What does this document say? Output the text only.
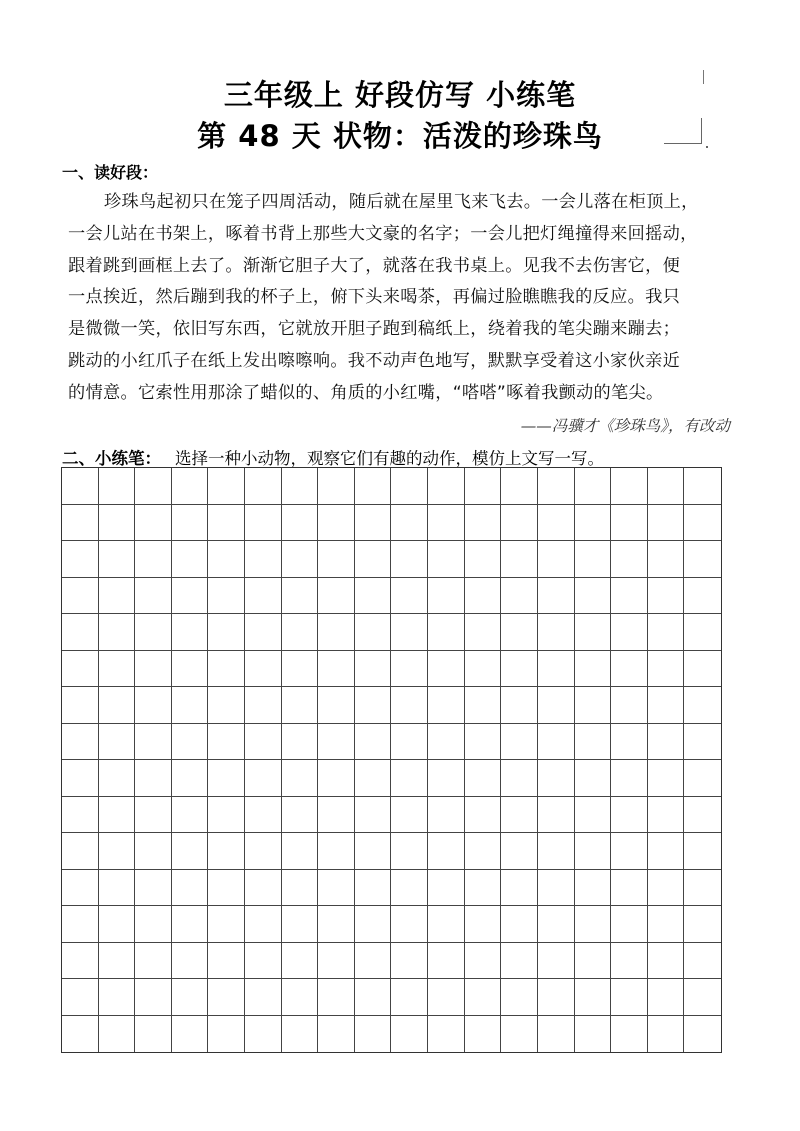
三年级上 好段仿写 小练笔
第 48 天 状物：活泼的珍珠鸟
一、读好段：
珍珠鸟起初只在笼子四周活动，随后就在屋里飞来飞去。一会儿落在柜顶上，
一会儿站在书架上，啄着书背上那些大文豪的名字；一会儿把灯绳撞得来回摇动，
跟着跳到画框上去了。渐渐它胆子大了，就落在我书桌上。见我不去伤害它，便
一点挨近，然后蹦到我的杯子上，俯下头来喝茶，再偏过脸瞧瞧我的反应。我只
是微微一笑，依旧写东西，它就放开胆子跑到稿纸上，绕着我的笔尖蹦来蹦去；
跳动的小红爪子在纸上发出嚓嚓响。我不动声色地写，默默享受着这小家伙亲近
的情意。它索性用那涂了蜡似的、角质的小红嘴，“嗒嗒”啄着我颤动的笔尖。
——冯骥才《珍珠鸟》，有改动
二、小练笔： 选择一种小动物，观察它们有趣的动作，模仿上文写一写。
